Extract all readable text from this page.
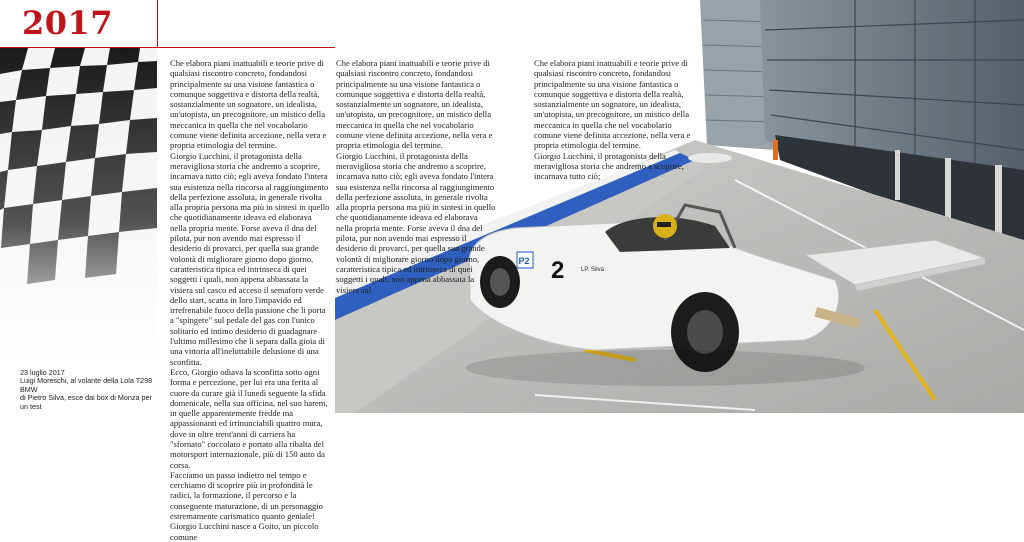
2017
23 luglio 2017
Luigi Moreschi, al volante della Lola T298 BMW
di Pietro Silva, esce dai box di Monza per un test
P2 2	LP. Silva

Che elabora piani inattuabili e teorie prive di qualsiasi riscontro concreto, fondandosi principalmente su una visione fantastica o comunque soggettiva e distorta della realtà, sostanzialmente un sognatore, un idealista, un'utopista, un precognitore, un mistico della meccanica in quella che nel vocabolario comune viene definita accezione, nella vera e propria etimologia del termine.

Giorgio Lucchini, il protagonista della meravigliosa storia che andremo a scoprire, incarnava tutto ciò; egli aveva fondato l'intera sua esistenza nella rincorsa al raggiungimento della perfezione assoluta, in generale rivolta alla propria persona ma più in sintesi in quello che quotidianamente ideava ed elaborava nella propria mente. Forse aveva il dna del pilota, pur non avendo mai espresso il desiderio di provarci, per quella sua grande volontà di migliorare giorno dopo giorno, caratteristica tipica ed intrinseca di quei soggetti i quali, non appena abbassata la visiera sul casco ed acceso il semaforo verde dello start, scatta in loro l'impavido ed irrefrenabile fuoco della passione che li porta a "spingere" sul pedale del gas con l'unico solitario ed intimo desiderio di guadagnare l'ultimo millesimo che li separa dalla gioia di una vittoria all'ineluttabile delusione di una sconfitta.

Ecco, Giorgio odiava la sconfitta sotto ogni forma e percezione, per lui era una ferita al cuore da curare già il lunedì seguente la sfida domenicale, nella sua officina, nel suo harem, in quelle apparentemente fredde ma appassionanti ed irrinunciabili quattro mura, dove in oltre trent'anni di carriera ha "sfornato" coccolato e portato alla ribalta del motorsport internazionale, più di 150 auto da corsa.

Facciamo un passo indietro nel tempo e cerchiamo di scoprire più in profondità le radici, la formazione, il percorso e la conseguente maturazione, di un personaggio estremamente carismatico quanto geniale!

Giorgio Lucchini nasce a Goito, un piccolo comune

Che elabora piani inattuabili e teorie prive di qualsiasi riscontro concreto, fondandosi principalmente su una visione fantastica o comunque soggettiva e distorta della realtà, sostanzialmente un sognatore, un idealista, un'utopista, un precognitore, un mistico della meccanica in quella che nel vocabolario comune viene definita accezione, nella vera e propria etimologia del termine.

Giorgio Lucchini, il protagonista della meravigliosa storia che andremo a scoprire, incarnava tutto ciò; egli aveva fondato l'intera sua esistenza nella rincorsa al raggiungimento della perfezione assoluta, in generale rivolta alla propria persona ma più in sintesi in quello che quotidianamente ideava ed elaborava nella propria mente. Forse aveva il dna del pilota, pur non avendo mai espresso il desiderio di provarci, per quella sua grande volontà di migliorare giorno dopo giorno, caratteristica tipica ed intrinseca di quei soggetti i quali, non appena abbassata la visiera sul

Che elabora piani inattuabili e teorie prive di qualsiasi riscontro concreto, fondandosi principalmente su una visione fantastica o comunque soggettiva e distorta della realtà, sostanzialmente un sognatore, un idealista, un'utopista, un precognitore, un mistico della meccanica in quella che nel vocabolario comune viene definita accezione, nella vera e propria etimologia del termine.

Giorgio Lucchini, il protagonista della meravigliosa storia che andremo a scoprire, incarnava tutto ciò;
